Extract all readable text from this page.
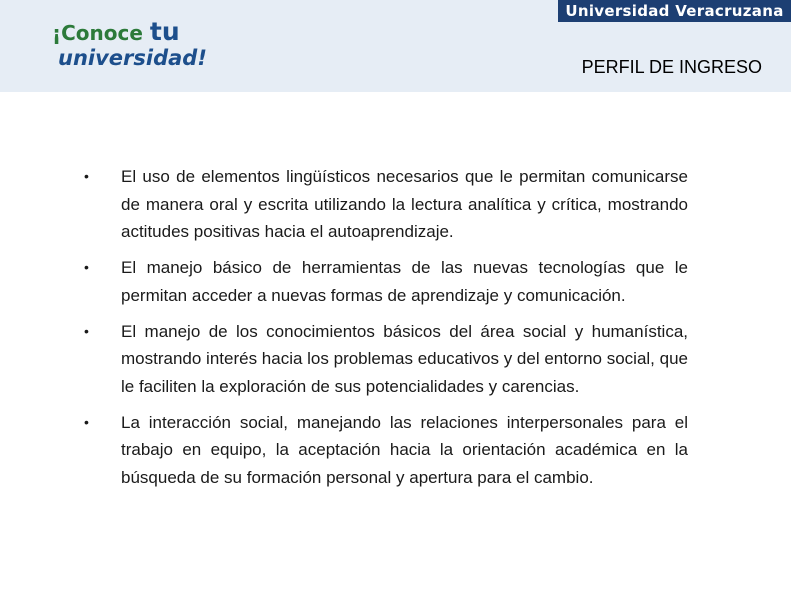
Universidad Veracruzana
¡Conoce tu
universidad!	PERFIL DE INGRESO
• El uso de elementos lingüísticos necesarios que le permitan comunicarse de manera oral y escrita utilizando la lectura analítica y crítica, mostrando actitudes positivas hacia el autoaprendizaje.
• El manejo básico de herramientas de las nuevas tecnologías que le permitan acceder a nuevas formas de aprendizaje y comunicación.
• El manejo de los conocimientos básicos del área social y humanística, mostrando interés hacia los problemas educativos y del entorno social, que le faciliten la exploración de sus potencialidades y carencias.
• La interacción social, manejando las relaciones interpersonales para el trabajo en equipo, la aceptación hacia la orientación académica en la búsqueda de su formación personal y apertura para el cambio.
